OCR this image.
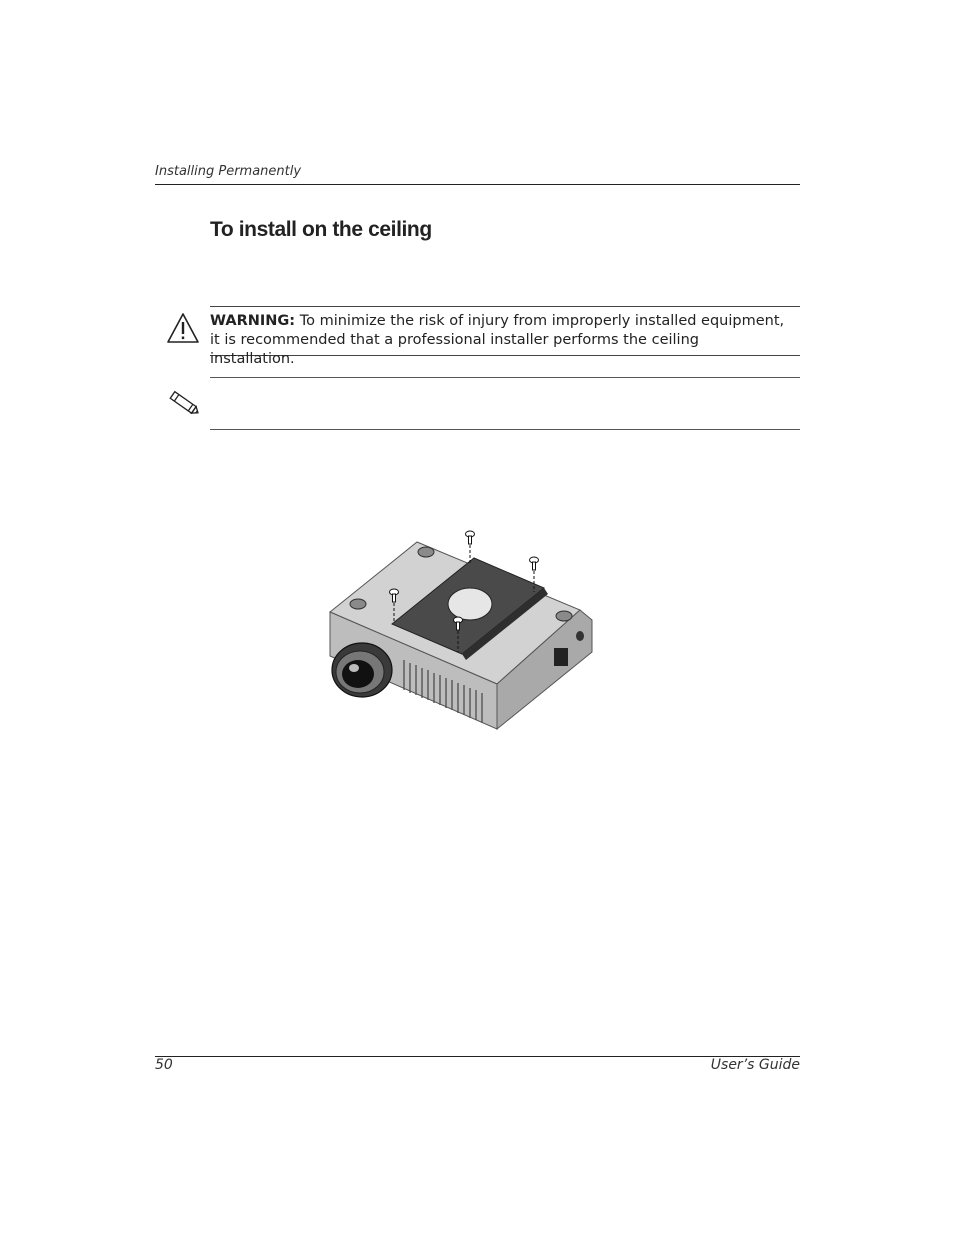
Installing Permanently
To install on the ceiling
WARNING: To minimize the risk of injury from improperly installed equipment, it is recommended that a professional installer performs the ceiling installation.
50	User’s Guide
